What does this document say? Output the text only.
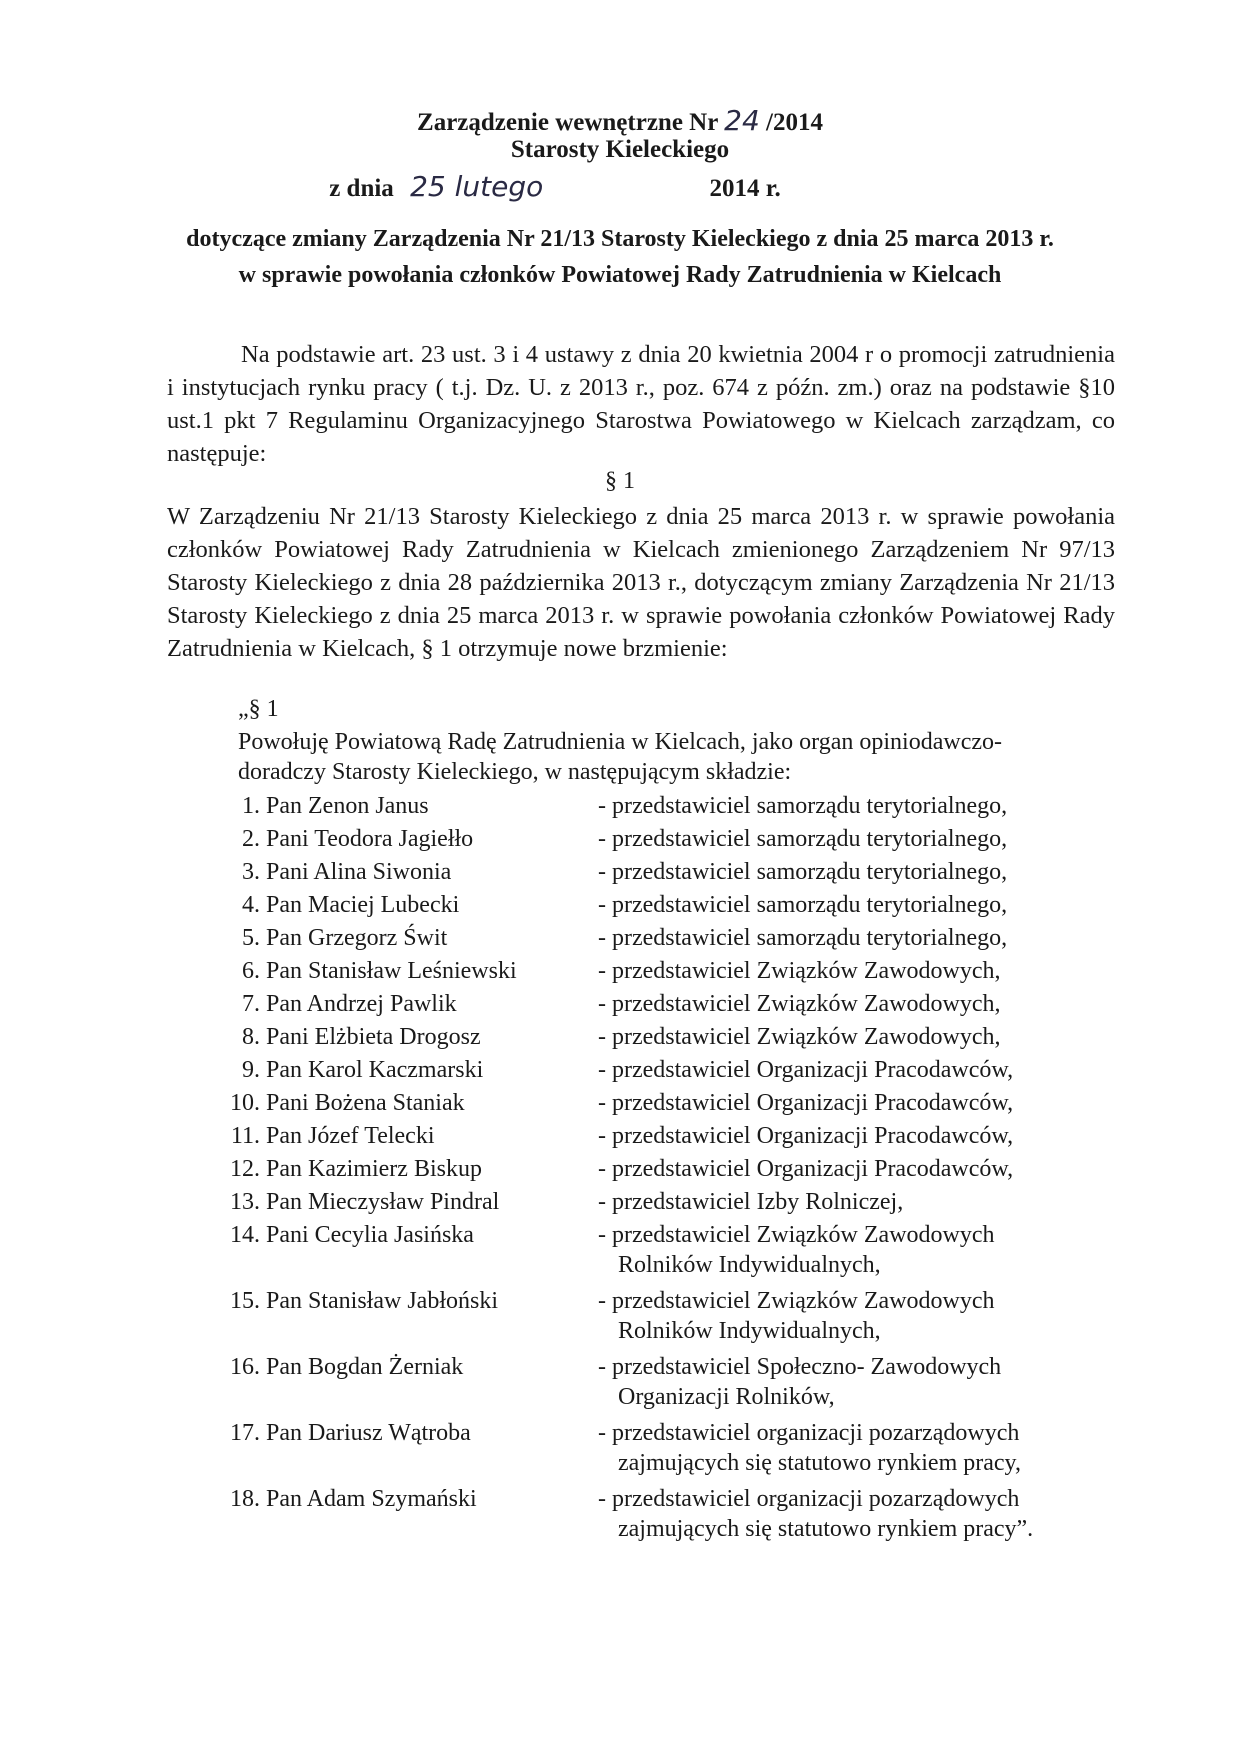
Zarządzenie wewnętrzne Nr 24 /2014
Starosty Kieleckiego
z dnia 25 lutego	2014 r.
dotyczące zmiany Zarządzenia Nr 21/13 Starosty Kieleckiego z dnia 25 marca 2013 r.
w sprawie powołania członków Powiatowej Rady Zatrudnienia w Kielcach
Na podstawie art. 23 ust. 3 i 4 ustawy z dnia 20 kwietnia 2004 r o promocji zatrudnienia i instytucjach rynku pracy ( t.j. Dz. U. z 2013 r., poz. 674 z późn. zm.) oraz na podstawie §10 ust.1 pkt 7 Regulaminu Organizacyjnego Starostwa Powiatowego w Kielcach zarządzam, co następuje:
§ 1
W Zarządzeniu Nr 21/13 Starosty Kieleckiego z dnia 25 marca 2013 r. w sprawie powołania członków Powiatowej Rady Zatrudnienia w Kielcach zmienionego Zarządzeniem Nr 97/13 Starosty Kieleckiego z dnia 28 października 2013 r., dotyczącym zmiany Zarządzenia Nr 21/13 Starosty Kieleckiego z dnia 25 marca 2013 r. w sprawie powołania członków Powiatowej Rady Zatrudnienia w Kielcach, § 1 otrzymuje nowe brzmienie:
„§ 1
Powołuję Powiatową Radę Zatrudnienia w Kielcach, jako organ opiniodawczo-doradczy Starosty Kieleckiego, w następującym składzie:
1. Pan Zenon Janus	- przedstawiciel samorządu terytorialnego,
2. Pani Teodora Jagiełło	- przedstawiciel samorządu terytorialnego,
3. Pani Alina Siwonia	- przedstawiciel samorządu terytorialnego,
4. Pan Maciej Lubecki	- przedstawiciel samorządu terytorialnego,
5. Pan Grzegorz Świt	- przedstawiciel samorządu terytorialnego,
6. Pan Stanisław Leśniewski	- przedstawiciel Związków Zawodowych,
7. Pan Andrzej Pawlik	- przedstawiciel Związków Zawodowych,
8. Pani Elżbieta Drogosz	- przedstawiciel Związków Zawodowych,
9. Pan Karol Kaczmarski	- przedstawiciel Organizacji Pracodawców,
10. Pani Bożena Staniak	- przedstawiciel Organizacji Pracodawców,
11. Pan Józef Telecki	- przedstawiciel Organizacji Pracodawców,
12. Pan Kazimierz Biskup	- przedstawiciel Organizacji Pracodawców,
13. Pan Mieczysław Pindral	- przedstawiciel Izby Rolniczej,
14. Pani Cecylia Jasińska	- przedstawiciel Związków Zawodowych
Rolników Indywidualnych,
15. Pan Stanisław Jabłoński	- przedstawiciel Związków Zawodowych
Rolników Indywidualnych,
16. Pan Bogdan Żerniak	- przedstawiciel Społeczno- Zawodowych
Organizacji Rolników,
17. Pan Dariusz Wątroba	- przedstawiciel organizacji pozarządowych
zajmujących się statutowo rynkiem pracy,
18. Pan Adam Szymański	- przedstawiciel organizacji pozarządowych
zajmujących się statutowo rynkiem pracy”.
